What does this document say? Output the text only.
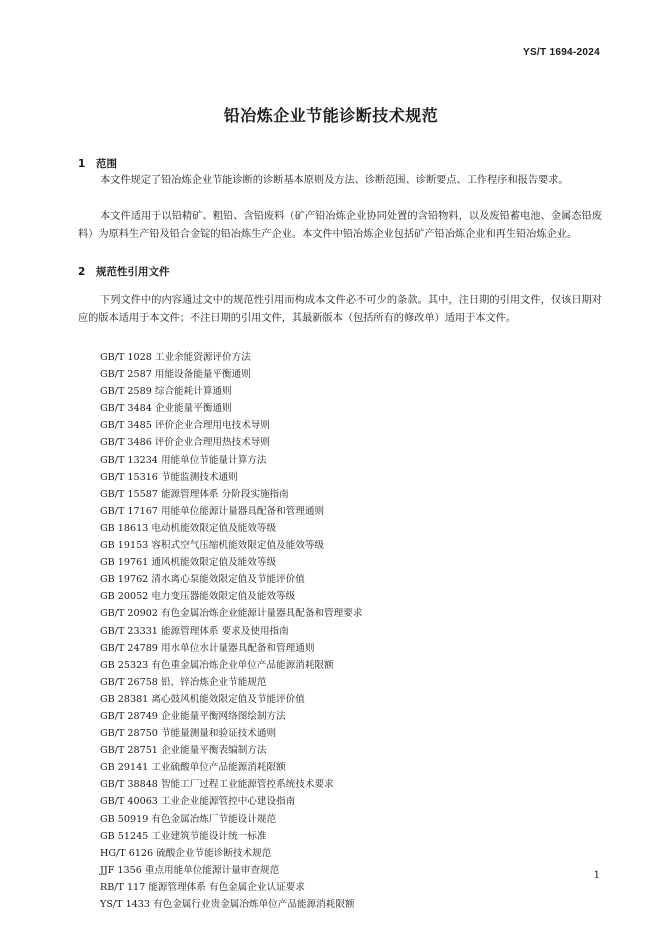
YS/T 1694-2024
铅冶炼企业节能诊断技术规范
1 范围

本文件规定了铅冶炼企业节能诊断的诊断基本原则及方法、诊断范围、诊断要点、工作程序和报告要求。

本文件适用于以铅精矿、粗铅、含铅废料（矿产铅冶炼企业协同处置的含铅物料，以及废铅蓄电池、金属态铅废料）为原料生产铅及铅合金锭的铅冶炼生产企业。本文件中铅冶炼企业包括矿产铅冶炼企业和再生铅冶炼企业。

2 规范性引用文件

下列文件中的内容通过文中的规范性引用而构成本文件必不可少的条款。其中，注日期的引用文件，仅该日期对应的版本适用于本文件；不注日期的引用文件，其最新版本（包括所有的修改单）适用于本文件。

GB/T 1028 工业余能资源评价方法
GB/T 2587 用能设备能量平衡通则
GB/T 2589 综合能耗计算通则
GB/T 3484 企业能量平衡通则
GB/T 3485 评价企业合理用电技术导则
GB/T 3486 评价企业合理用热技术导则
GB/T 13234 用能单位节能量计算方法
GB/T 15316 节能监测技术通则
GB/T 15587 能源管理体系 分阶段实施指南
GB/T 17167 用能单位能源计量器具配备和管理通则
GB 18613 电动机能效限定值及能效等级
GB 19153 容积式空气压缩机能效限定值及能效等级
GB 19761 通风机能效限定值及能效等级
GB 19762 清水离心泵能效限定值及节能评价值
GB 20052 电力变压器能效限定值及能效等级
GB/T 20902 有色金属冶炼企业能源计量器具配备和管理要求
GB/T 23331 能源管理体系 要求及使用指南
GB/T 24789 用水单位水计量器具配备和管理通则
GB 25323 有色重金属冶炼企业单位产品能源消耗限额
GB/T 26758 铅、锌冶炼企业节能规范
GB 28381 离心鼓风机能效限定值及节能评价值
GB/T 28749 企业能量平衡网络图绘制方法
GB/T 28750 节能量测量和验证技术通则
GB/T 28751 企业能量平衡表编制方法
GB 29141 工业硫酸单位产品能源消耗限额
GB/T 38848 智能工厂过程工业能源管控系统技术要求
GB/T 40063 工业企业能源管控中心建设指南
GB 50919 有色金属冶炼厂节能设计规范
GB 51245 工业建筑节能设计统一标准
HG/T 6126 硫酸企业节能诊断技术规范
JJF 1356 重点用能单位能源计量审查规范
RB/T 117 能源管理体系 有色金属企业认证要求
YS/T 1433 有色金属行业贵金属冶炼单位产品能源消耗限额
1
